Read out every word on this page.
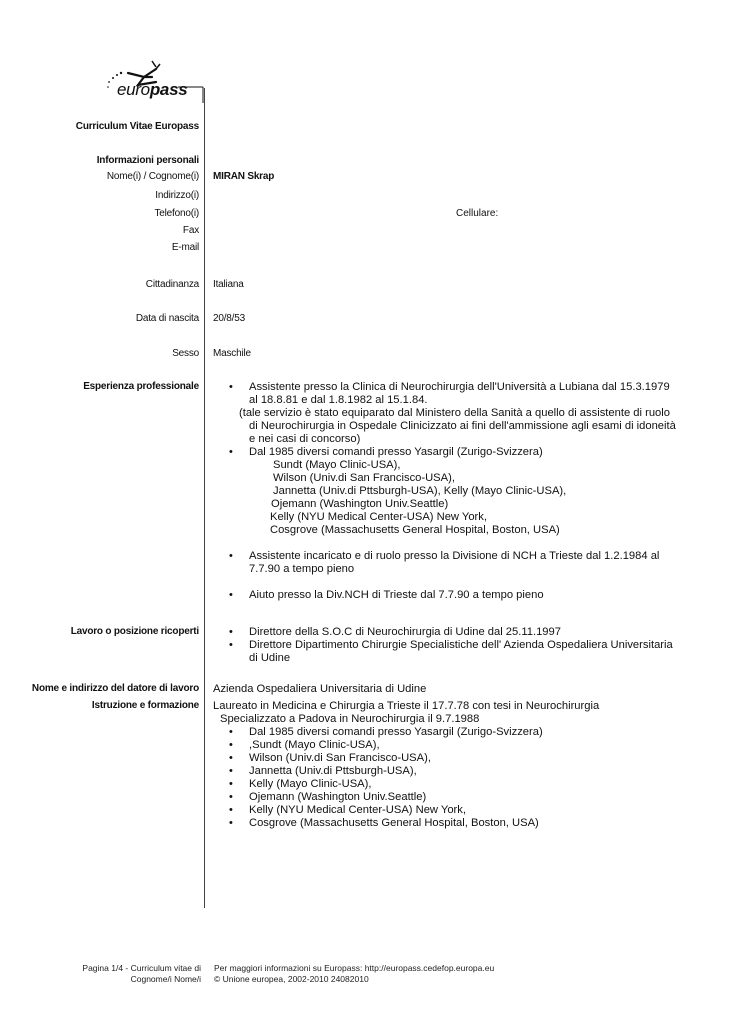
europass
Curriculum Vitae Europass
Informazioni personali
Nome(i) / Cognome(i) MIRAN Skrap
Indirizzo(i)
Telefono(i)	Cellulare:
Fax
E-mail
Cittadinanza Italiana
Data di nascita 20/8/53
Sesso Maschile
Esperienza professionale	• Assistente presso la Clinica di Neurochirurgia dell'Università a Lubiana dal 15.3.1979
al 18.8.81 e dal 1.8.1982 al 15.1.84.
(tale servizio è stato equiparato dal Ministero della Sanità a quello di assistente di ruolo
di Neurochirurgia in Ospedale Clinicizzato ai fini dell'ammissione agli esami di idoneità
e nei casi di concorso)
• Dal 1985 diversi comandi presso Yasargil (Zurigo-Svizzera)
Sundt (Mayo Clinic-USA),
Wilson (Univ.di San Francisco-USA),
Jannetta (Univ.di Pttsburgh-USA), Kelly (Mayo Clinic-USA),
Ojemann (Washington Univ.Seattle)
Kelly (NYU Medical Center-USA) New York,
Cosgrove (Massachusetts General Hospital, Boston, USA)
• Assistente incaricato e di ruolo presso la Divisione di NCH a Trieste dal 1.2.1984 al
7.7.90 a tempo pieno
• Aiuto presso la Div.NCH di Trieste dal 7.7.90 a tempo pieno
Lavoro o posizione ricoperti	• Direttore della S.O.C di Neurochirurgia di Udine dal 25.11.1997
• Direttore Dipartimento Chirurgie Specialistiche dell' Azienda Ospedaliera Universitaria
di Udine
Nome e indirizzo del datore di lavoro Azienda Ospedaliera Universitaria di Udine
Istruzione e formazione Laureato in Medicina e Chirurgia a Trieste il 17.7.78 con tesi in Neurochirurgia
Specializzato a Padova in Neurochirurgia il 9.7.1988
• Dal 1985 diversi comandi presso Yasargil (Zurigo-Svizzera)
• ,Sundt (Mayo Clinic-USA),
• Wilson (Univ.di San Francisco-USA),
• Jannetta (Univ.di Pttsburgh-USA),
• Kelly (Mayo Clinic-USA),
• Ojemann (Washington Univ.Seattle)
• Kelly (NYU Medical Center-USA) New York,
• Cosgrove (Massachusetts General Hospital, Boston, USA)
Pagina 1/4 - Curriculum vitae di
Cognome/i Nome/i
Per maggiori informazioni su Europass: http://europass.cedefop.europa.eu
© Unione europea, 2002-2010 24082010
